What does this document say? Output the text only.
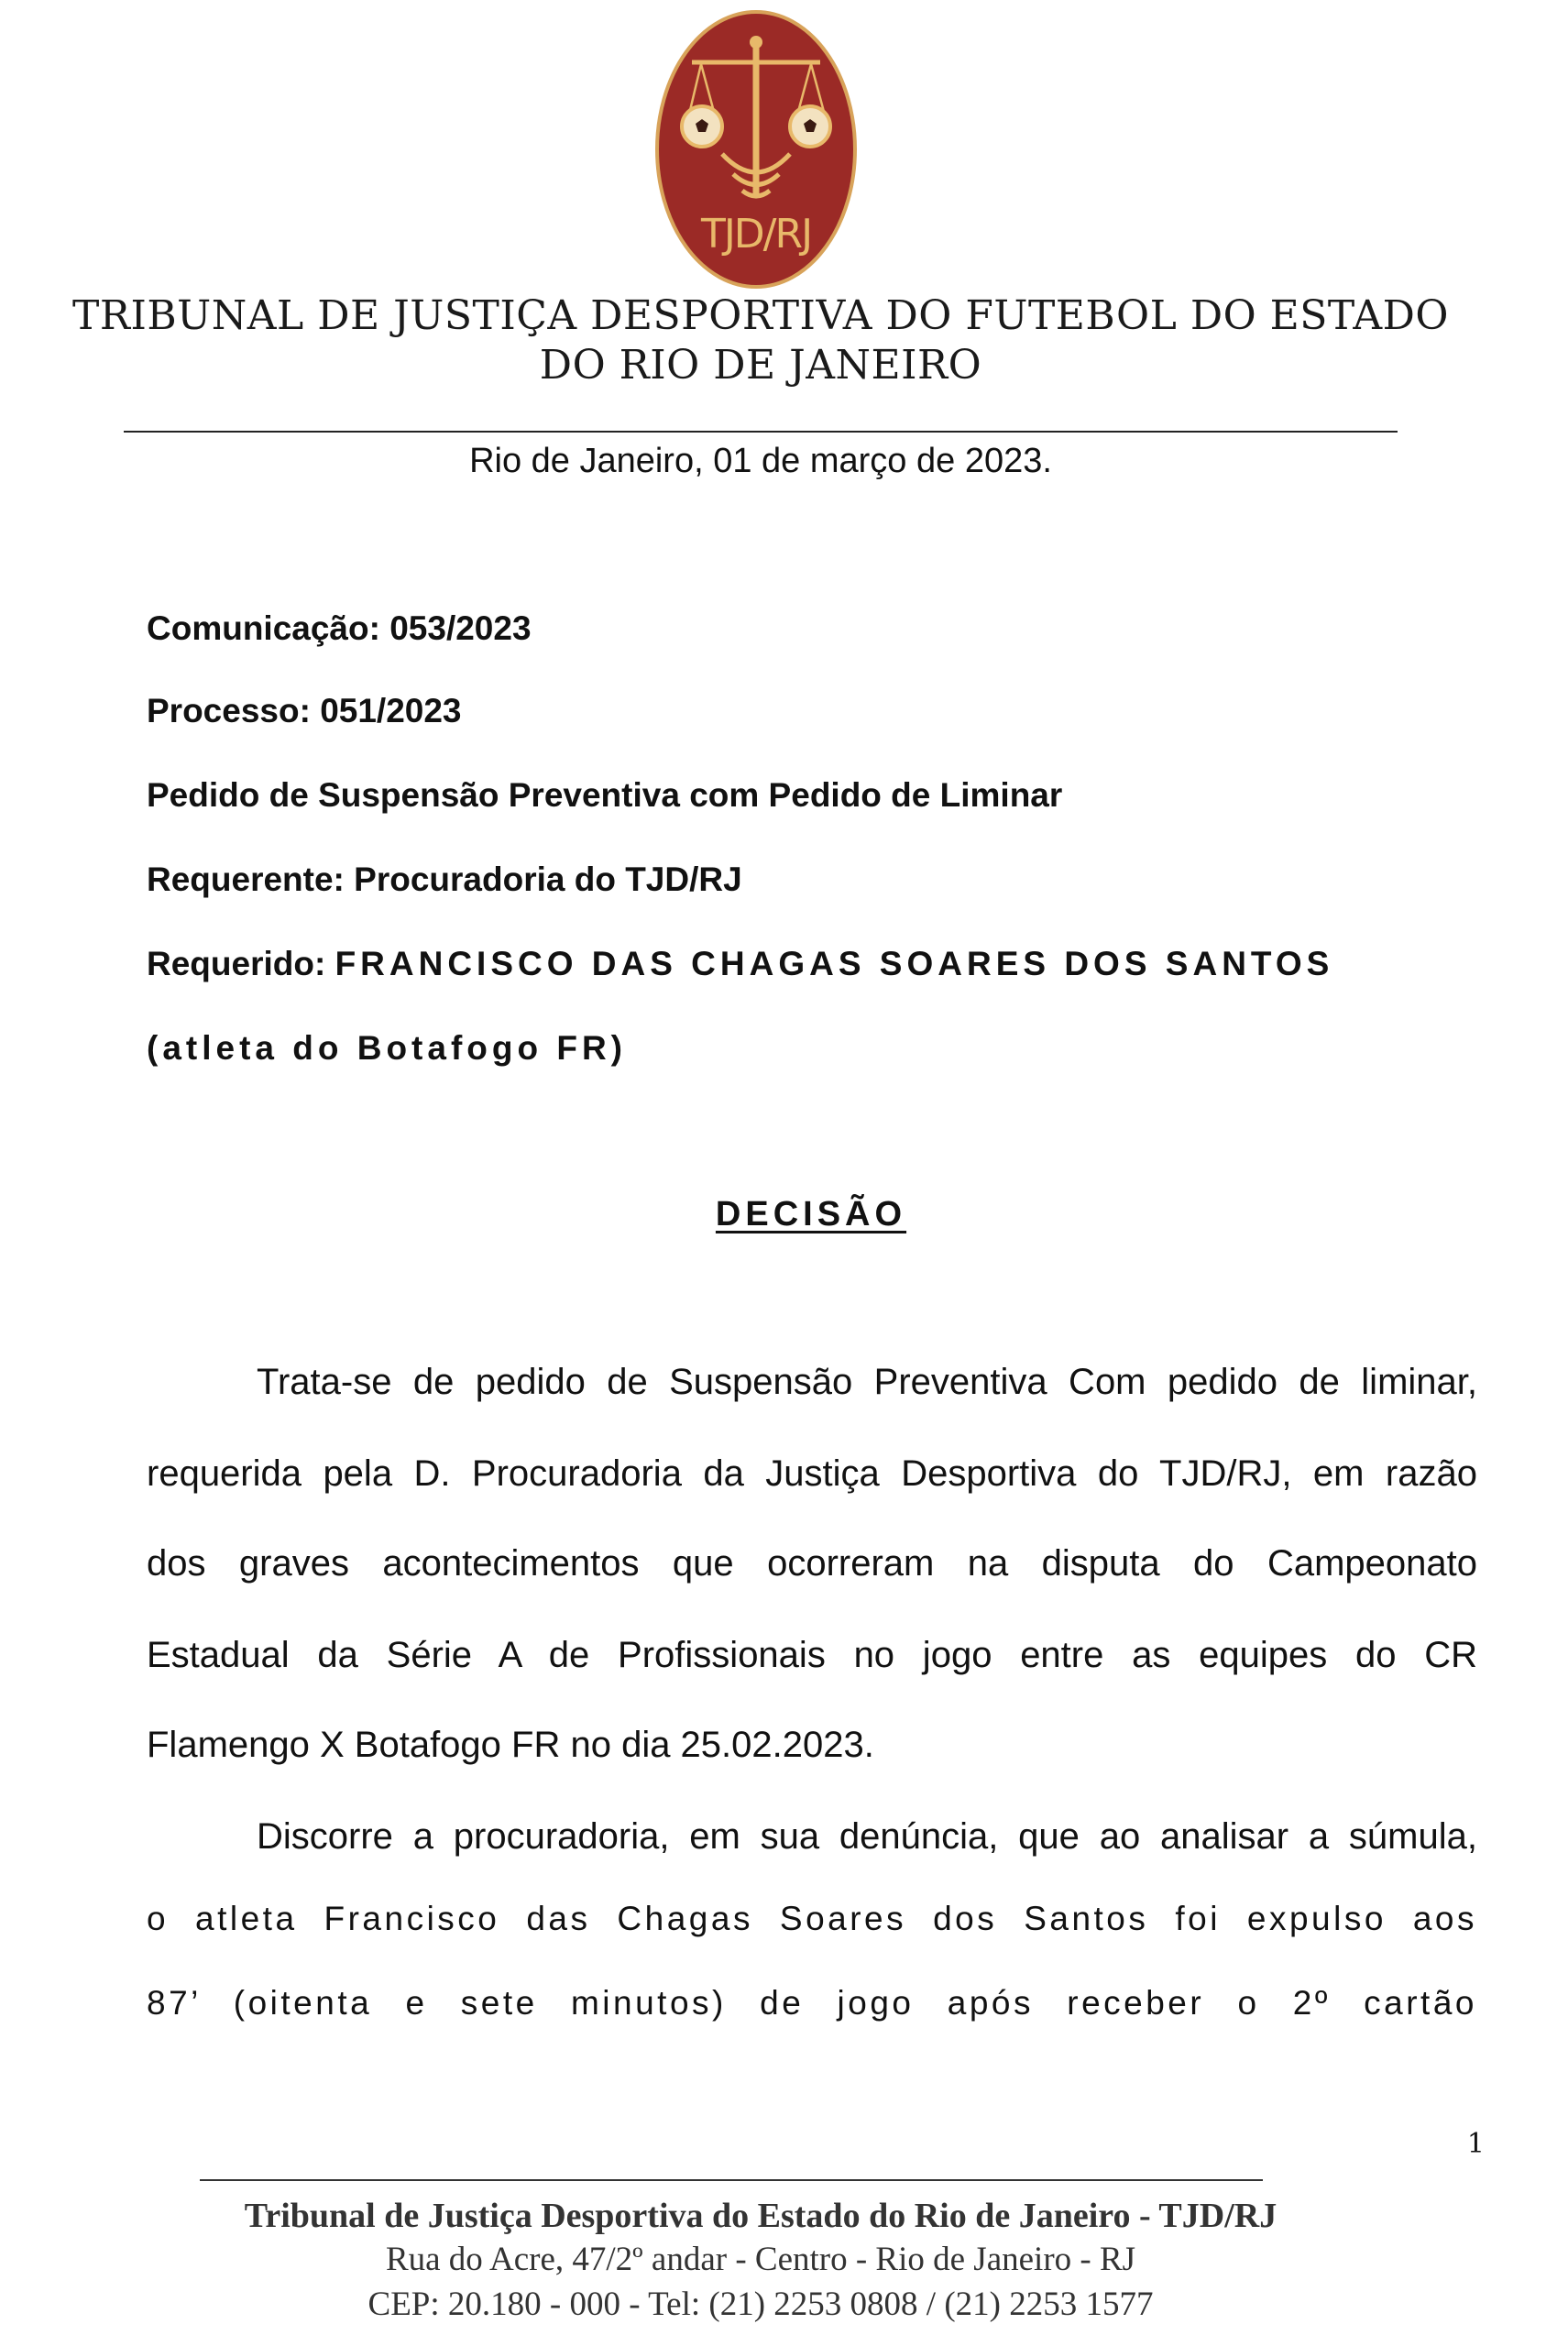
TJD/RJ
TRIBUNAL DE JUSTIÇA DESPORTIVA DO FUTEBOL DO ESTADO
DO RIO DE JANEIRO
Rio de Janeiro, 01 de março de 2023.
Comunicação: 053/2023
Processo: 051/2023
Pedido de Suspensão Preventiva com Pedido de Liminar
Requerente: Procuradoria do TJD/RJ
Requerido: FRANCISCO DAS CHAGAS SOARES DOS SANTOS
(atleta do Botafogo FR)
DECISÃO
Trata-se de pedido de Suspensão Preventiva Com pedido de liminar,
requerida pela D. Procuradoria da Justiça Desportiva do TJD/RJ, em razão
dos graves acontecimentos que ocorreram na disputa do Campeonato
Estadual da Série A de Profissionais no jogo entre as equipes do CR
Flamengo X Botafogo FR no dia 25.02.2023.
Discorre a procuradoria, em sua denúncia, que ao analisar a súmula,
o atleta Francisco das Chagas Soares dos Santos foi expulso aos
87’ (oitenta e sete minutos) de jogo após receber o 2º cartão
1
Tribunal de Justiça Desportiva do Estado do Rio de Janeiro - TJD/RJ
Rua do Acre, 47/2º andar - Centro - Rio de Janeiro - RJ
CEP: 20.180 - 000 - Tel: (21) 2253 0808 / (21) 2253 1577
